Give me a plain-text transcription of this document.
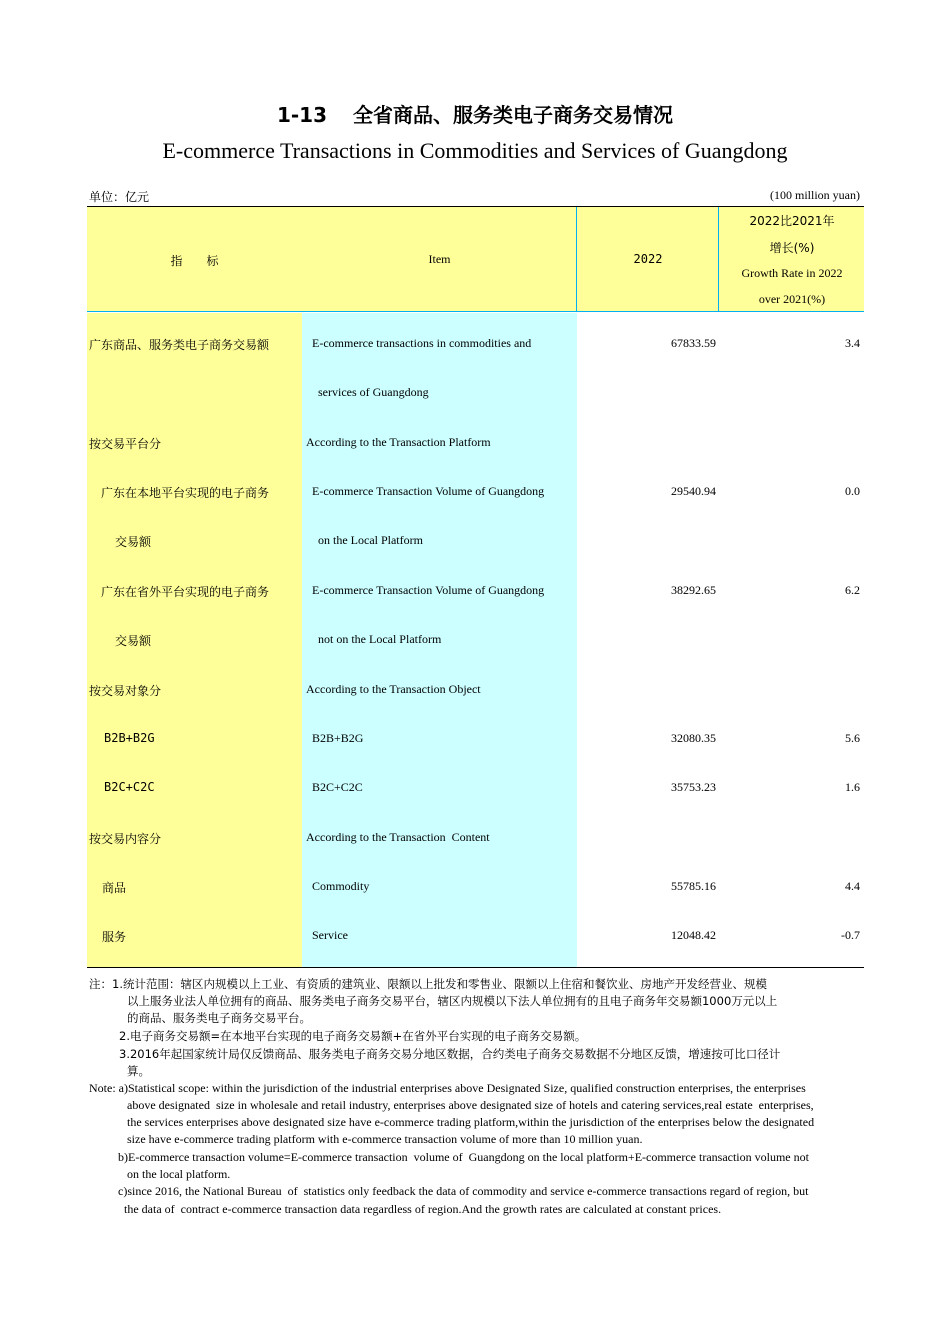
1-13 全省商品、服务类电子商务交易情况
E-commerce Transactions in Commodities and Services of Guangdong
单位：亿元	(100 million yuan)
指　　标	Item	2022
2022比2021年
增长(%)
Growth Rate in 2022
over 2021(%)
广东商品、服务类电子商务交易额	E-commerce transactions in commodities and	67833.59	3.4
services of Guangdong
按交易平台分	According to the Transaction Platform
广东在本地平台实现的电子商务	E-commerce Transaction Volume of Guangdong	29540.94	0.0
交易额	on the Local Platform
广东在省外平台实现的电子商务	E-commerce Transaction Volume of Guangdong	38292.65	6.2
交易额	not on the Local Platform
按交易对象分	According to the Transaction Object
B2B+B2G	B2B+B2G	32080.35	5.6
B2C+C2C	B2C+C2C	35753.23	1.6
按交易内容分	According to the Transaction  Content
商品	Commodity	55785.16	4.4
服务	Service	12048.42	-0.7
注：1.统计范围：辖区内规模以上工业、有资质的建筑业、限额以上批发和零售业、限额以上住宿和餐饮业、房地产开发经营业、规模
以上服务业法人单位拥有的商品、服务类电子商务交易平台，辖区内规模以下法人单位拥有的且电子商务年交易额1000万元以上
的商品、服务类电子商务交易平台。
2.电子商务交易额=在本地平台实现的电子商务交易额+在省外平台实现的电子商务交易额。
3.2016年起国家统计局仅反馈商品、服务类电子商务交易分地区数据，合约类电子商务交易数据不分地区反馈，增速按可比口径计
算。
Note: a)Statistical scope: within the jurisdiction of the industrial enterprises above Designated Size, qualified construction enterprises, the enterprises
above designated  size in wholesale and retail industry, enterprises above designated size of hotels and catering services,real estate  enterprises,
the services enterprises above designated size have e-commerce trading platform,within the jurisdiction of the enterprises below the designated
size have e-commerce trading platform with e-commerce transaction volume of more than 10 million yuan.
b)E-commerce transaction volume=E-commerce transaction  volume of  Guangdong on the local platform+E-commerce transaction volume not
on the local platform.
c)since 2016, the National Bureau  of  statistics only feedback the data of commodity and service e-commerce transactions regard of region, but
the data of  contract e-commerce transaction data regardless of region.And the growth rates are calculated at constant prices.
